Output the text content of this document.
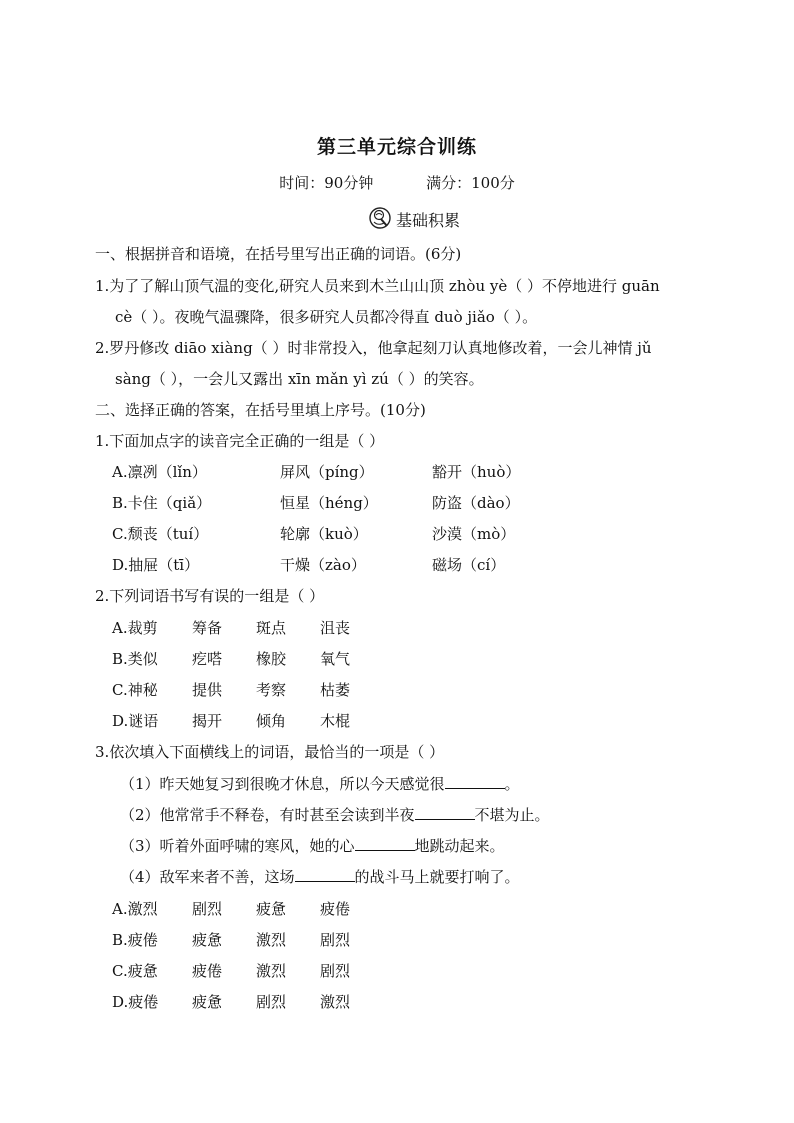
第三单元综合训练
时间：90分钟	满分：100分
基础积累
一、根据拼音和语境，在括号里写出正确的词语。(6分)
1.为了了解山顶气温的变化,研究人员来到木兰山山顶 zhòu yè（ ）不停地进行 guān
cè（ ）。夜晚气温骤降，很多研究人员都冷得直 duò jiǎo（ ）。
2.罗丹修改 diāo xiàng（ ）时非常投入，他拿起刻刀认真地修改着，一会儿神情 jǔ
sàng（ ），一会儿又露出 xīn mǎn yì zú（ ）的笑容。
二、选择正确的答案，在括号里填上序号。(10分)
1.下面加点字的读音完全正确的一组是（ ）
A.凛冽（lǐn）	屏风（píng）	豁开（huò）
B.卡住（qiǎ）	恒星（héng）	防盗（dào）
C.颓丧（tuí）	轮廓（kuò）	沙漠（mò）
D.抽屉（tī）	干燥（zào）	磁场（cí）
2.下列词语书写有误的一组是（ ）
A.裁剪 筹备 斑点 沮丧
B.类似 疙嗒 橡胶 氧气
C.神秘 提供 考察 枯萎
D.谜语 揭开 倾角 木棍
3.依次填入下面横线上的词语，最恰当的一项是（ ）
（1）昨天她复习到很晚才休息，所以今天感觉很	。
（2）他常常手不释卷，有时甚至会读到半夜	不堪为止。
（3）听着外面呼啸的寒风，她的心	地跳动起来。
（4）敌军来者不善，这场	的战斗马上就要打响了。
A.激烈 剧烈 疲惫 疲倦
B.疲倦 疲惫 激烈 剧烈
C.疲惫 疲倦 激烈 剧烈
D.疲倦 疲惫 剧烈 激烈
